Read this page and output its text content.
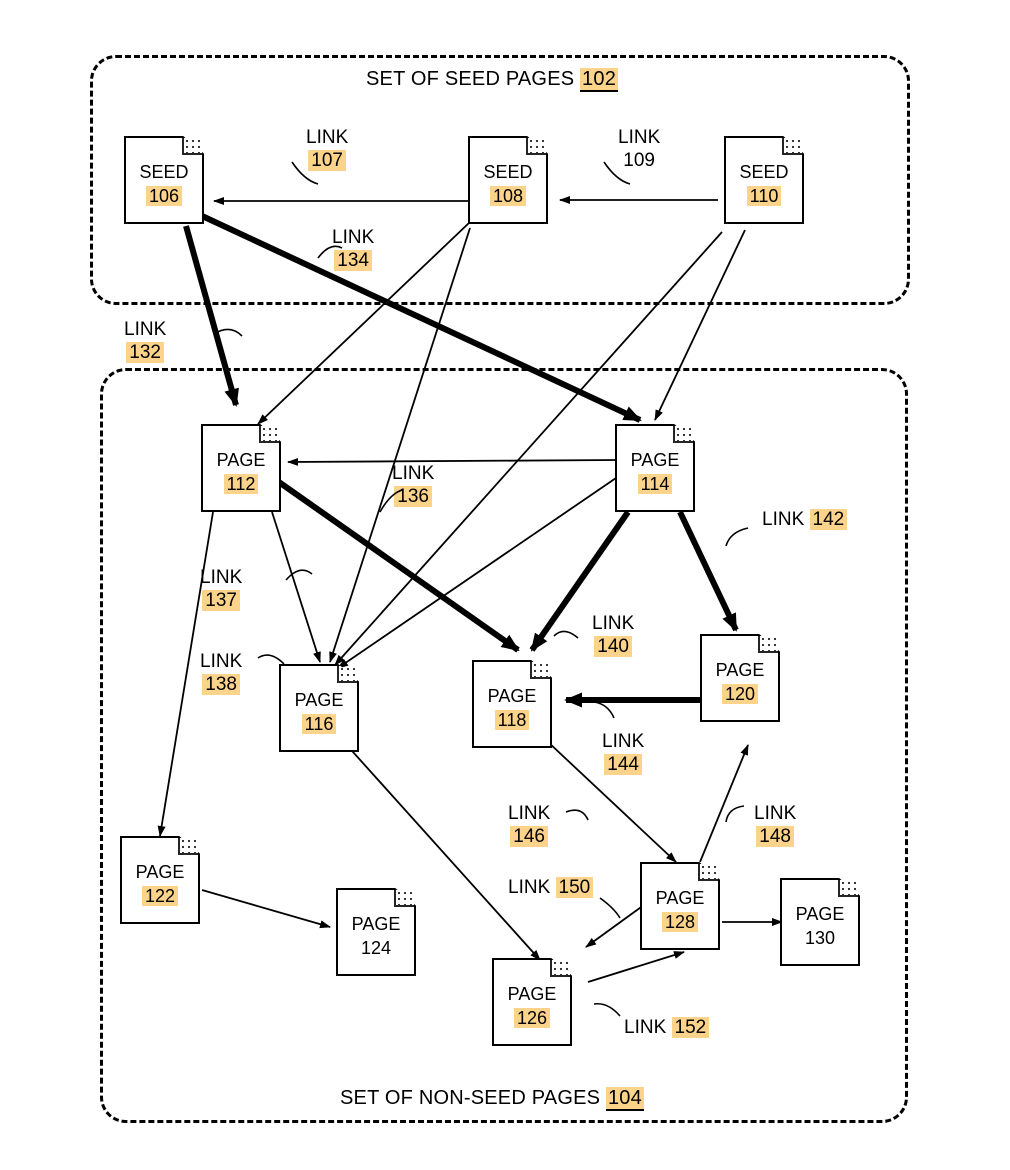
SET OF SEED PAGES 102
SET OF NON-SEED PAGES 104
SEED
106
SEED
108
SEED
110
PAGE
112
PAGE
114
PAGE
116
PAGE
118
PAGE
120
PAGE
122
PAGE
124
PAGE
126
PAGE
128	PAGE
130
LINK
107
LINK
109
LINK
132
LINK
134
LINK
136
LINK
137
LINK
138
LINK
140
LINK 142
LINK
144
LINK
146
LINK
148
LINK 150
LINK 152
